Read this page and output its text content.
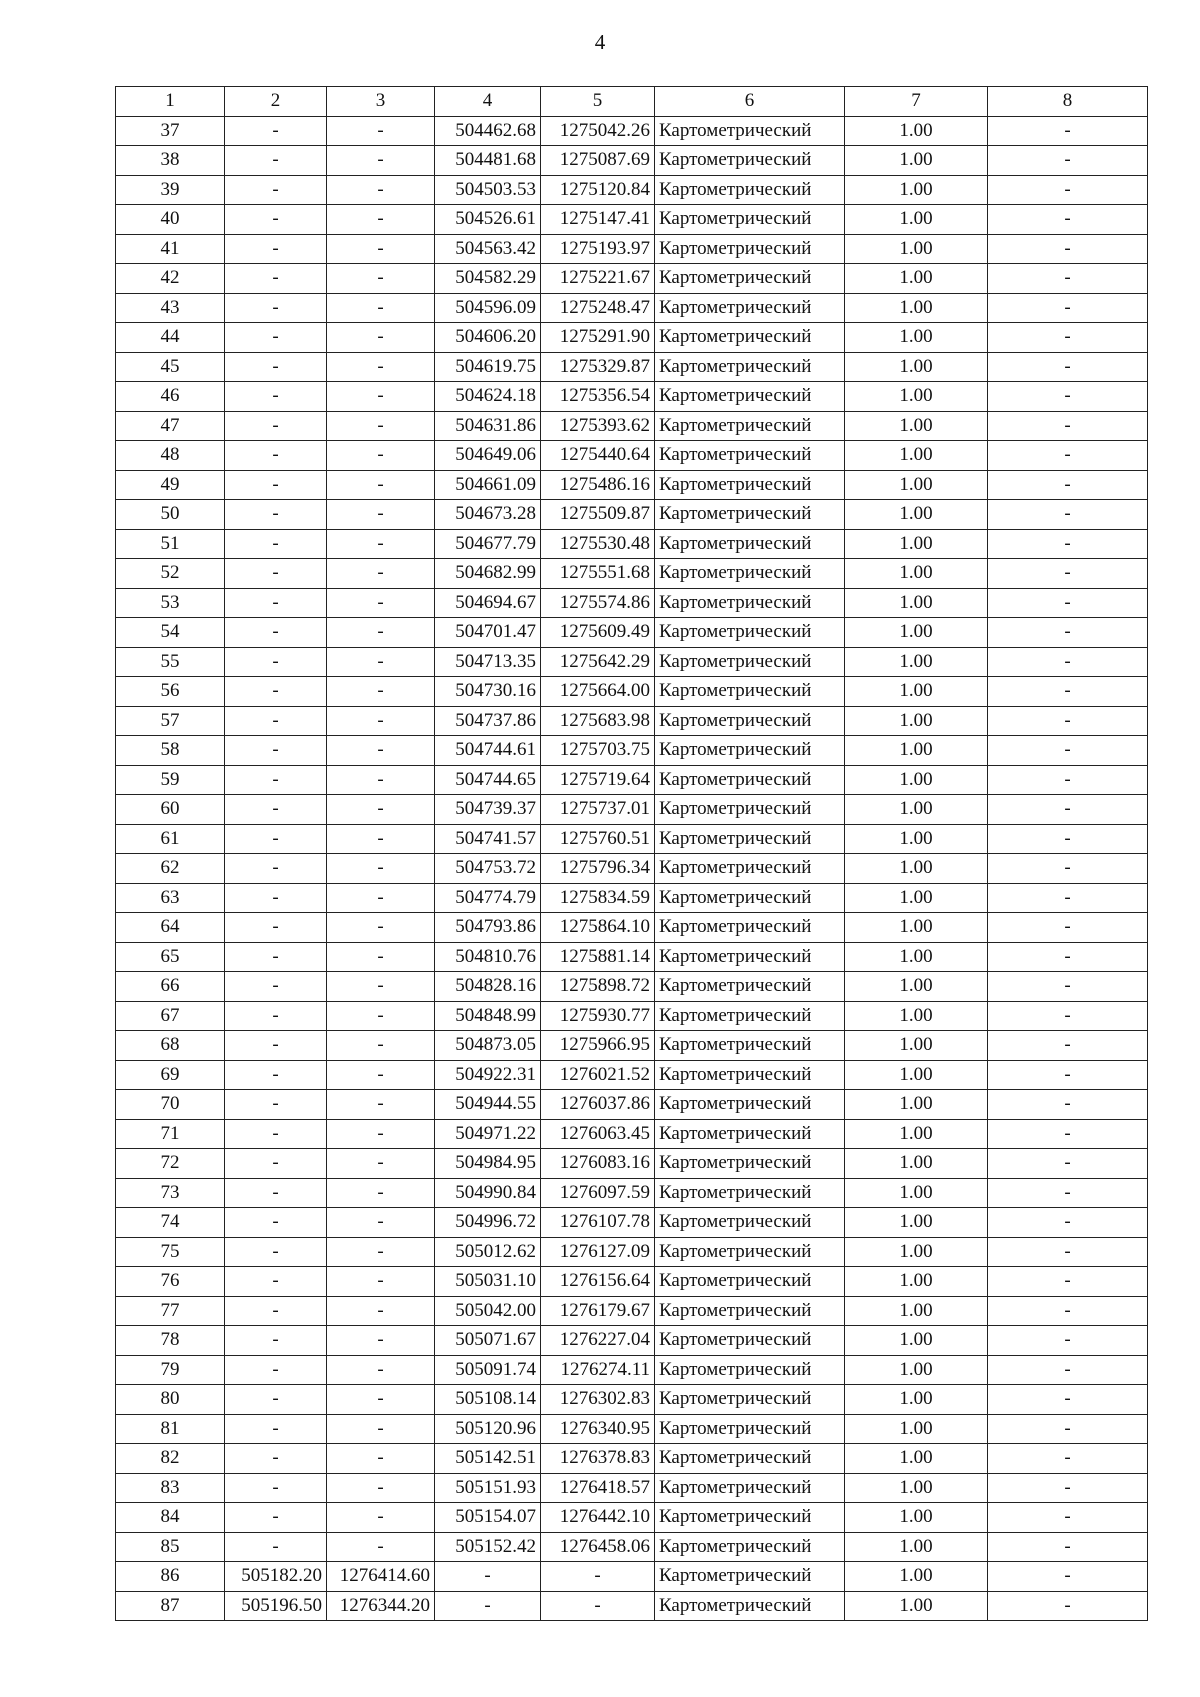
4
1	2	3	4	5	6	7	8
37	-	-	504462.68	1275042.26	Картометрический	1.00	-
38	-	-	504481.68	1275087.69	Картометрический	1.00	-
39	-	-	504503.53	1275120.84	Картометрический	1.00	-
40	-	-	504526.61	1275147.41	Картометрический	1.00	-
41	-	-	504563.42	1275193.97	Картометрический	1.00	-
42	-	-	504582.29	1275221.67	Картометрический	1.00	-
43	-	-	504596.09	1275248.47	Картометрический	1.00	-
44	-	-	504606.20	1275291.90	Картометрический	1.00	-
45	-	-	504619.75	1275329.87	Картометрический	1.00	-
46	-	-	504624.18	1275356.54	Картометрический	1.00	-
47	-	-	504631.86	1275393.62	Картометрический	1.00	-
48	-	-	504649.06	1275440.64	Картометрический	1.00	-
49	-	-	504661.09	1275486.16	Картометрический	1.00	-
50	-	-	504673.28	1275509.87	Картометрический	1.00	-
51	-	-	504677.79	1275530.48	Картометрический	1.00	-
52	-	-	504682.99	1275551.68	Картометрический	1.00	-
53	-	-	504694.67	1275574.86	Картометрический	1.00	-
54	-	-	504701.47	1275609.49	Картометрический	1.00	-
55	-	-	504713.35	1275642.29	Картометрический	1.00	-
56	-	-	504730.16	1275664.00	Картометрический	1.00	-
57	-	-	504737.86	1275683.98	Картометрический	1.00	-
58	-	-	504744.61	1275703.75	Картометрический	1.00	-
59	-	-	504744.65	1275719.64	Картометрический	1.00	-
60	-	-	504739.37	1275737.01	Картометрический	1.00	-
61	-	-	504741.57	1275760.51	Картометрический	1.00	-
62	-	-	504753.72	1275796.34	Картометрический	1.00	-
63	-	-	504774.79	1275834.59	Картометрический	1.00	-
64	-	-	504793.86	1275864.10	Картометрический	1.00	-
65	-	-	504810.76	1275881.14	Картометрический	1.00	-
66	-	-	504828.16	1275898.72	Картометрический	1.00	-
67	-	-	504848.99	1275930.77	Картометрический	1.00	-
68	-	-	504873.05	1275966.95	Картометрический	1.00	-
69	-	-	504922.31	1276021.52	Картометрический	1.00	-
70	-	-	504944.55	1276037.86	Картометрический	1.00	-
71	-	-	504971.22	1276063.45	Картометрический	1.00	-
72	-	-	504984.95	1276083.16	Картометрический	1.00	-
73	-	-	504990.84	1276097.59	Картометрический	1.00	-
74	-	-	504996.72	1276107.78	Картометрический	1.00	-
75	-	-	505012.62	1276127.09	Картометрический	1.00	-
76	-	-	505031.10	1276156.64	Картометрический	1.00	-
77	-	-	505042.00	1276179.67	Картометрический	1.00	-
78	-	-	505071.67	1276227.04	Картометрический	1.00	-
79	-	-	505091.74	1276274.11	Картометрический	1.00	-
80	-	-	505108.14	1276302.83	Картометрический	1.00	-
81	-	-	505120.96	1276340.95	Картометрический	1.00	-
82	-	-	505142.51	1276378.83	Картометрический	1.00	-
83	-	-	505151.93	1276418.57	Картометрический	1.00	-
84	-	-	505154.07	1276442.10	Картометрический	1.00	-
85	-	-	505152.42	1276458.06	Картометрический	1.00	-
86	505182.20	1276414.60	-	-	Картометрический	1.00	-
87	505196.50	1276344.20	-	-	Картометрический	1.00	-
